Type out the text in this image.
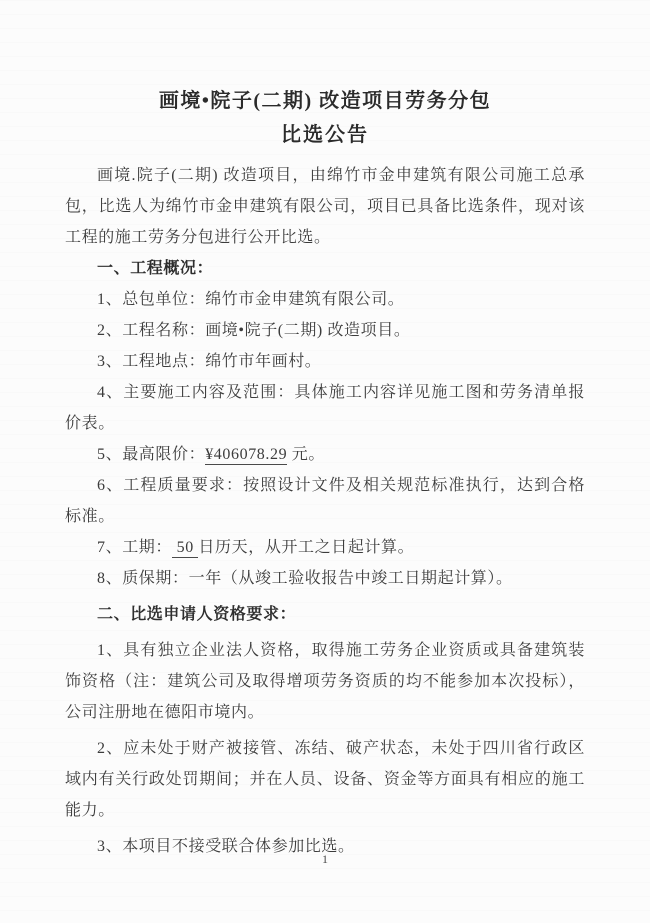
画境•院子(二期) 改造项目劳务分包
比选公告

画境.院子(二期) 改造项目，由绵竹市金申建筑有限公司施工总承包，比选人为绵竹市金申建筑有限公司，项目已具备比选条件，现对该工程的施工劳务分包进行公开比选。

一、工程概况：

1、总包单位：绵竹市金申建筑有限公司。

2、工程名称：画境•院子(二期) 改造项目。

3、工程地点：绵竹市年画村。

4、主要施工内容及范围：具体施工内容详见施工图和劳务清单报价表。

5、最高限价：¥406078.29 元。

6、工程质量要求：按照设计文件及相关规范标准执行，达到合格标准。

7、工期： 50 日历天，从开工之日起计算。

8、质保期：一年（从竣工验收报告中竣工日期起计算）。

二、比选申请人资格要求：

1、具有独立企业法人资格，取得施工劳务企业资质或具备建筑装饰资格（注：建筑公司及取得增项劳务资质的均不能参加本次投标），公司注册地在德阳市境内。

2、应未处于财产被接管、冻结、破产状态，未处于四川省行政区域内有关行政处罚期间；并在人员、设备、资金等方面具有相应的施工能力。

3、本项目不接受联合体参加比选。

1
